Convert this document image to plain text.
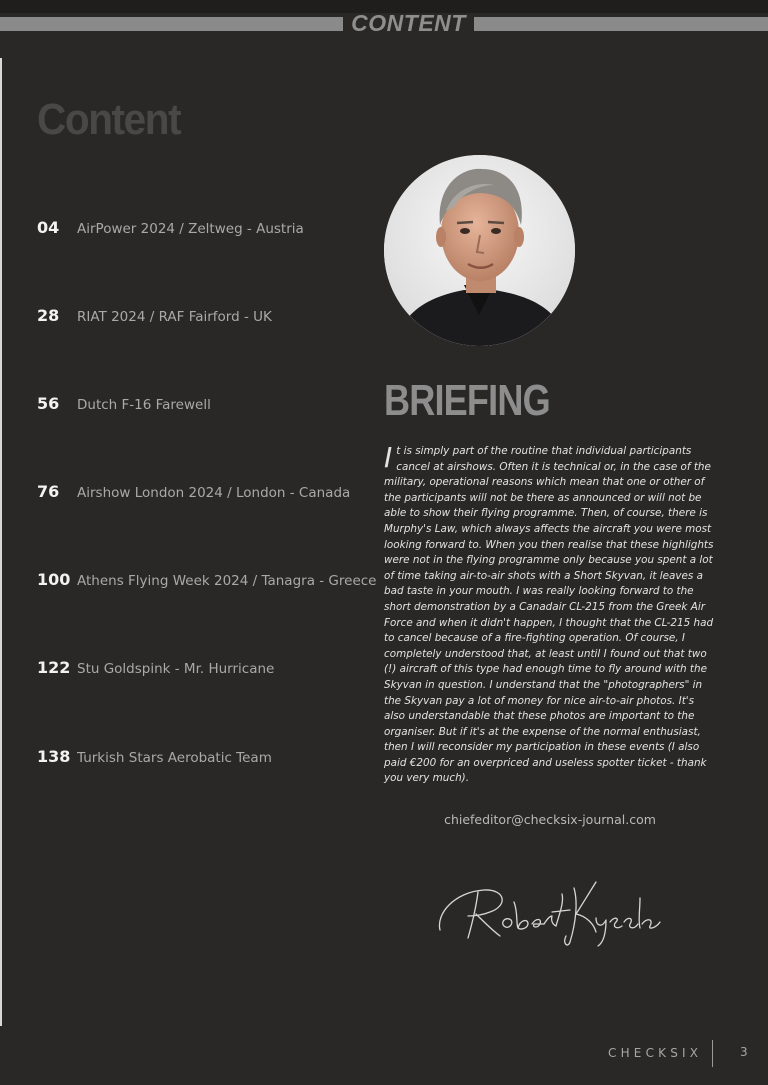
CONTENT
Content
04	AirPower 2024 / Zeltweg - Austria
28	RIAT 2024 / RAF Fairford - UK
56	Dutch F-16 Farewell
76	Airshow London 2024 / London - Canada
100 Athens Flying Week 2024 / Tanagra - Greece
122 Stu Goldspink - Mr. Hurricane
138 Turkish Stars Aerobatic Team
BRIEFING

It is simply part of the routine that individual participants cancel at airshows. Often it is technical or, in the case of the military, operational reasons which mean that one or other of the participants will not be there as announced or will not be able to show their flying programme. Then, of course, there is Murphy's Law, which always affects the aircraft you were most looking forward to. When you then realise that these highlights were not in the flying programme only because you spent a lot of time taking air-to-air shots with a Short Skyvan, it leaves a bad taste in your mouth. I was really looking forward to the short demonstration by a Canadair CL-215 from the Greek Air Force and when it didn't happen, I thought that the CL-215 had to cancel because of a fire-fighting operation. Of course, I completely understood that, at least until I found out that two (!) aircraft of this type had enough time to fly around with the Skyvan in question. I understand that the "photographers" in the Skyvan pay a lot of money for nice air-to-air photos. It's also understandable that these photos are important to the organiser. But if it's at the expense of the normal enthusiast, then I will reconsider my participation in these events (I also paid €200 for an overpriced and useless spotter ticket - thank you very much).

chiefeditor@checksix-journal.com
CHECKSIX	3
